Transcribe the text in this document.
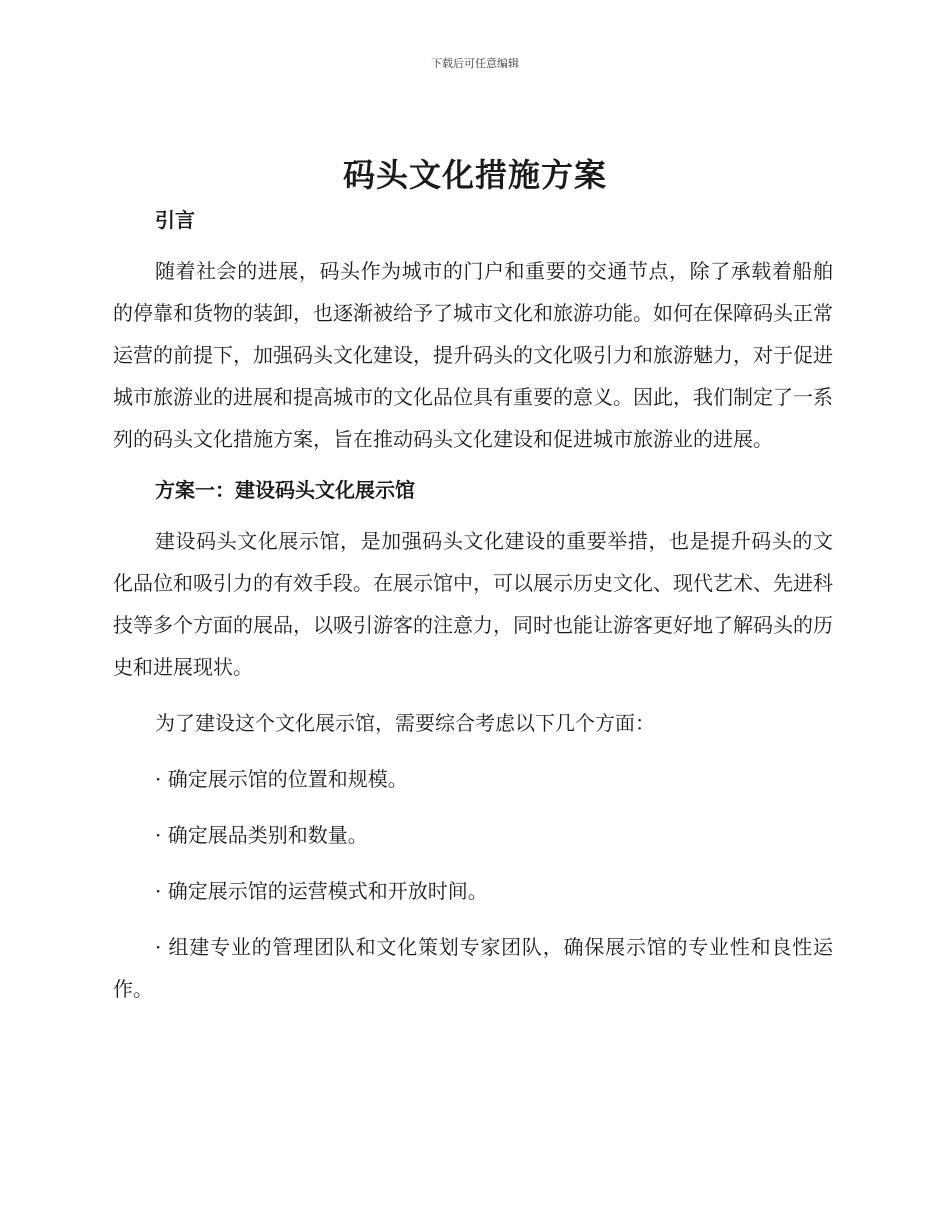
下载后可任意编辑
码头文化措施方案

引言

随着社会的进展，码头作为城市的门户和重要的交通节点，除了承载着船舶的停靠和货物的装卸，也逐渐被给予了城市文化和旅游功能。如何在保障码头正常运营的前提下，加强码头文化建设，提升码头的文化吸引力和旅游魅力，对于促进城市旅游业的进展和提高城市的文化品位具有重要的意义。因此，我们制定了一系列的码头文化措施方案，旨在推动码头文化建设和促进城市旅游业的进展。

方案一：建设码头文化展示馆

建设码头文化展示馆，是加强码头文化建设的重要举措，也是提升码头的文化品位和吸引力的有效手段。在展示馆中，可以展示历史文化、现代艺术、先进科技等多个方面的展品，以吸引游客的注意力，同时也能让游客更好地了解码头的历史和进展现状。

为了建设这个文化展示馆，需要综合考虑以下几个方面：

· 确定展示馆的位置和规模。

· 确定展品类别和数量。

· 确定展示馆的运营模式和开放时间。

· 组建专业的管理团队和文化策划专家团队，确保展示馆的专业性和良性运作。
